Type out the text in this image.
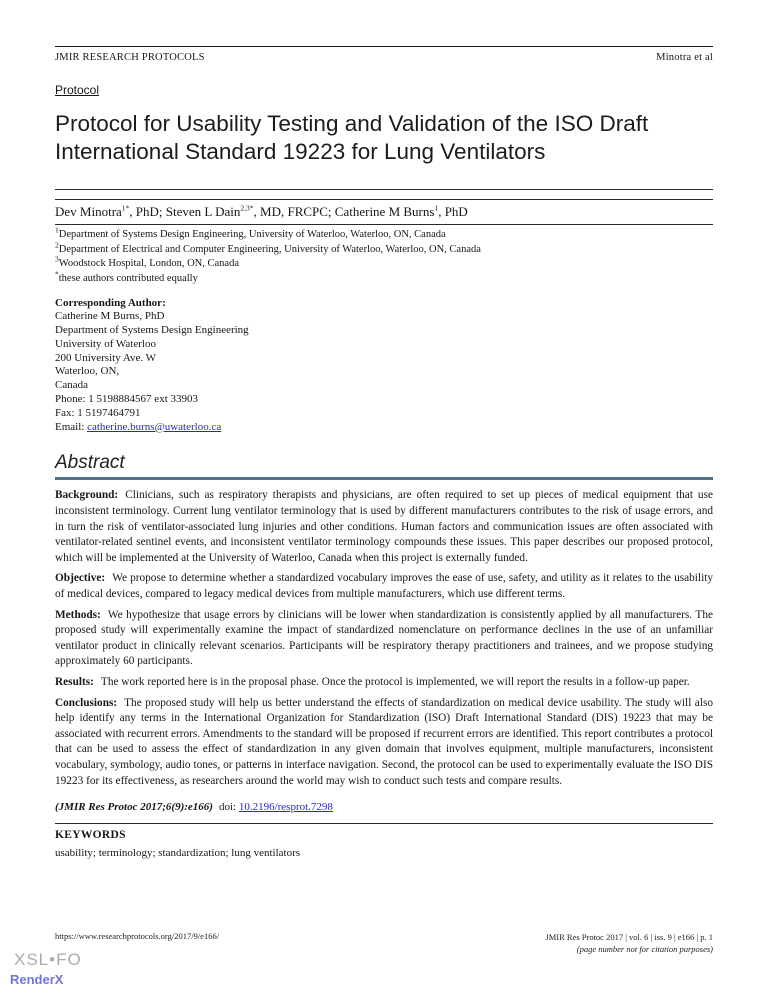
JMIR RESEARCH PROTOCOLS	Minotra et al
Protocol
Protocol for Usability Testing and Validation of the ISO Draft International Standard 19223 for Lung Ventilators
Dev Minotra$^{1*}$, PhD; Steven L Dain$^{2,3*}$, MD, FRCPC; Catherine M Burns$^1$, PhD
$^1$Department of Systems Design Engineering, University of Waterloo, Waterloo, ON, Canada
$^2$Department of Electrical and Computer Engineering, University of Waterloo, Waterloo, ON, Canada
$^3$Woodstock Hospital, London, ON, Canada
*these authors contributed equally
Corresponding Author:
Catherine M Burns, PhD
Department of Systems Design Engineering
University of Waterloo
200 University Ave. W
Waterloo, ON,
Canada
Phone: 1 5198884567 ext 33903
Fax: 1 5197464791
Email: catherine.burns@uwaterloo.ca
Abstract

Background: Clinicians, such as respiratory therapists and physicians, are often required to set up pieces of medical equipment that use inconsistent terminology. Current lung ventilator terminology that is used by different manufacturers contributes to the risk of usage errors, and in turn the risk of ventilator-associated lung injuries and other conditions. Human factors and communication issues are often associated with ventilator-related sentinel events, and inconsistent ventilator terminology compounds these issues. This paper describes our proposed protocol, which will be implemented at the University of Waterloo, Canada when this project is externally funded.

Objective: We propose to determine whether a standardized vocabulary improves the ease of use, safety, and utility as it relates to the usability of medical devices, compared to legacy medical devices from multiple manufacturers, which use different terms.

Methods: We hypothesize that usage errors by clinicians will be lower when standardization is consistently applied by all manufacturers. The proposed study will experimentally examine the impact of standardized nomenclature on performance declines in the use of an unfamiliar ventilator product in clinically relevant scenarios. Participants will be respiratory therapy practitioners and trainees, and we propose studying approximately 60 participants.

Results: The work reported here is in the proposal phase. Once the protocol is implemented, we will report the results in a follow-up paper.

Conclusions: The proposed study will help us better understand the effects of standardization on medical device usability. The study will also help identify any terms in the International Organization for Standardization (ISO) Draft International Standard (DIS) 19223 that may be associated with recurrent errors. Amendments to the standard will be proposed if recurrent errors are identified. This report contributes a protocol that can be used to assess the effect of standardization in any given domain that involves equipment, multiple manufacturers, inconsistent vocabulary, symbology, audio tones, or patterns in interface navigation. Second, the protocol can be used to experimentally evaluate the ISO DIS 19223 for its effectiveness, as researchers around the world may wish to conduct such tests and compare results.

(JMIR Res Protoc 2017;6(9):e166) doi: 10.2196/resprot.7298
KEYWORDS
usability; terminology; standardization; lung ventilators
https://www.researchprotocols.org/2017/9/e166/	JMIR Res Protoc 2017 | vol. 6 | iss. 9 | e166 | p. 1
(page number not for citation purposes)
XSL•FO
RenderX
